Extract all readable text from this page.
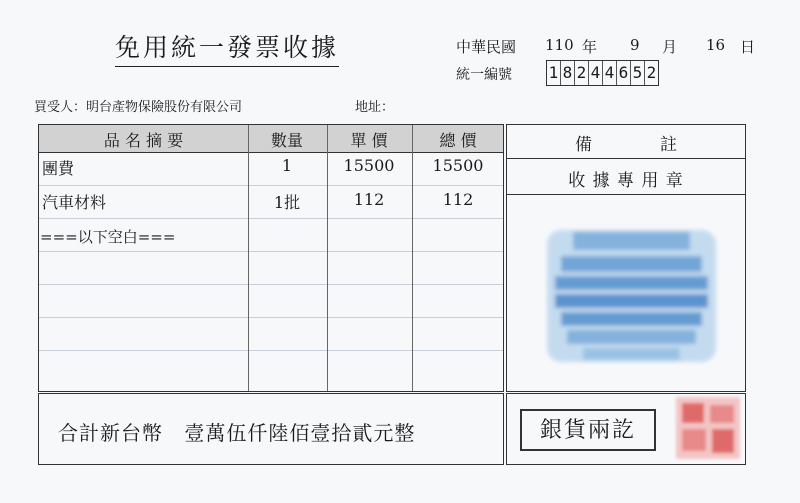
免用統一發票收據	中華民國 110 年 9 月 16 日
統一編號 1 8 2 4 4 6 5 2
買受人：明台產物保險股份有限公司	地址：
品 名 摘 要	數量	單 價	總 價
團費	1	15500	15500
汽車材料	1批	112	112
===以下空白===
備　　　　註
收 據 專 用 章
合計新台幣 壹萬伍仟陸佰壹拾貳元整	銀貨兩訖
